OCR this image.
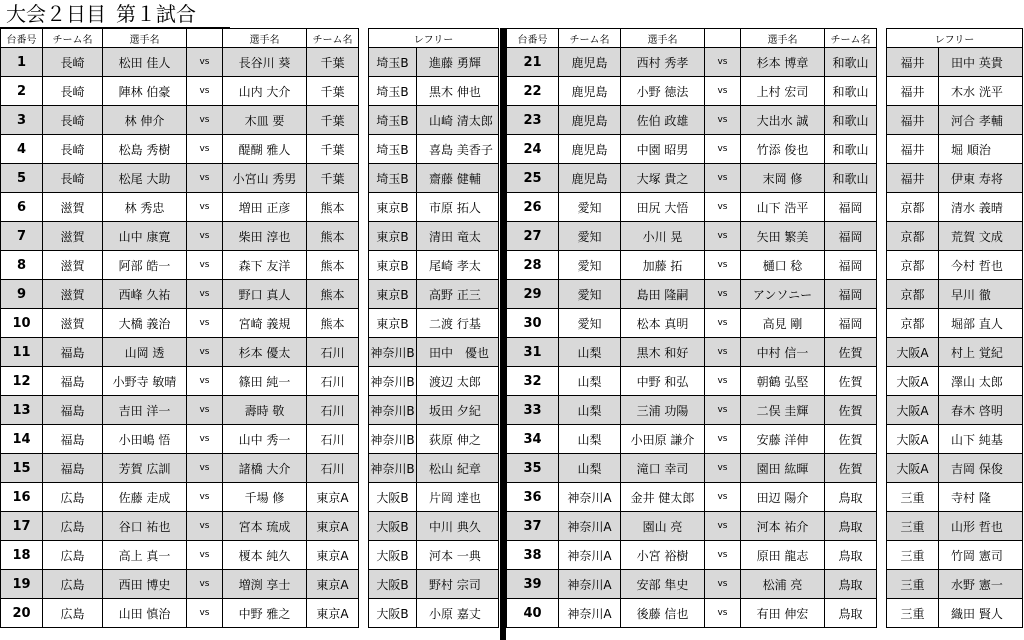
大会２日目 第１試合
台番号	チーム名	選手名		選手名	チーム名		レフリー	
1	長崎	松田 佳人	vs	長谷川 葵	千葉		埼玉B	進藤 勇輝
2	長崎	陣林 伯豪	vs	山内 大介	千葉		埼玉B	黒木 伸也
3	長崎	林 伸介	vs	木皿 要	千葉		埼玉B	山崎 清太郎
4	長崎	松島 秀樹	vs	醍醐 雅人	千葉		埼玉B	喜島 美香子
5	長崎	松尾 大助	vs	小宮山 秀男	千葉		埼玉B	齋藤 健輔
6	滋賀	林 秀忠	vs	増田 正彦	熊本		東京B	市原 拓人
7	滋賀	山中 康寛	vs	柴田 淳也	熊本		東京B	清田 竜太
8	滋賀	阿部 皓一	vs	森下 友洋	熊本		東京B	尾崎 孝太
9	滋賀	西峰 久祐	vs	野口 真人	熊本		東京B	高野 正三
10	滋賀	大橋 義治	vs	宮崎 義規	熊本		東京B	二渡 行基
11	福島	山岡 透	vs	杉本 優太	石川		神奈川B	田中　優也
12	福島	小野寺 敏晴	vs	篠田 純一	石川		神奈川B	渡辺 太郎
13	福島	吉田 洋一	vs	壽時 敬	石川		神奈川B	坂田 夕紀
14	福島	小田嶋 悟	vs	山中 秀一	石川		神奈川B	荻原 伸之
15	福島	芳賀 広訓	vs	諸橋 大介	石川		神奈川B	松山 紀章
16	広島	佐藤 走成	vs	千場 修	東京A		大阪B	片岡 達也
17	広島	谷口 祐也	vs	宮本 琉成	東京A		大阪B	中川 典久
18	広島	高上 真一	vs	榎本 純久	東京A		大阪B	河本 一典
19	広島	西田 博史	vs	増渕 享士	東京A		大阪B	野村 宗司
20	広島	山田 慎治	vs	中野 雅之	東京A		大阪B	小原 嘉丈
台番号	チーム名	選手名		選手名	チーム名		レフリー	
21	鹿児島	西村 秀孝	vs	杉本 博章	和歌山		福井	田中 英貴
22	鹿児島	小野 徳法	vs	上村 宏司	和歌山		福井	木水 洸平
23	鹿児島	佐伯 政雄	vs	大出水 誠	和歌山		福井	河合 孝輔
24	鹿児島	中園 昭男	vs	竹添 俊也	和歌山		福井	堀 順治
25	鹿児島	大塚 貴之	vs	末岡 修	和歌山		福井	伊東 寿将
26	愛知	田尻 大悟	vs	山下 浩平	福岡		京都	清水 義晴
27	愛知	小川 晃	vs	矢田 繁美	福岡		京都	荒賀 文成
28	愛知	加藤 拓	vs	樋口 稔	福岡		京都	今村 哲也
29	愛知	島田 隆嗣	vs	アンソニー	福岡		京都	早川 徹
30	愛知	松本 真明	vs	高見 剛	福岡		京都	堀部 直人
31	山梨	黒木 和好	vs	中村 信一	佐賀		大阪A	村上 覚紀
32	山梨	中野 和弘	vs	朝鶴 弘堅	佐賀		大阪A	澤山 太郎
33	山梨	三浦 功陽	vs	二俣 圭輝	佐賀		大阪A	春木 啓明
34	山梨	小田原 謙介	vs	安藤 洋伸	佐賀		大阪A	山下 純基
35	山梨	滝口 幸司	vs	園田 紘暉	佐賀		大阪A	吉岡 保俊
36	神奈川A	金井 健太郎	vs	田辺 陽介	鳥取		三重	寺村 隆
37	神奈川A	園山 亮	vs	河本 祐介	鳥取		三重	山形 哲也
38	神奈川A	小宮 裕樹	vs	原田 龍志	鳥取		三重	竹岡 憲司
39	神奈川A	安部 隼史	vs	松浦 亮	鳥取		三重	水野 憲一
40	神奈川A	後藤 信也	vs	有田 伸宏	鳥取		三重	織田 賢人
